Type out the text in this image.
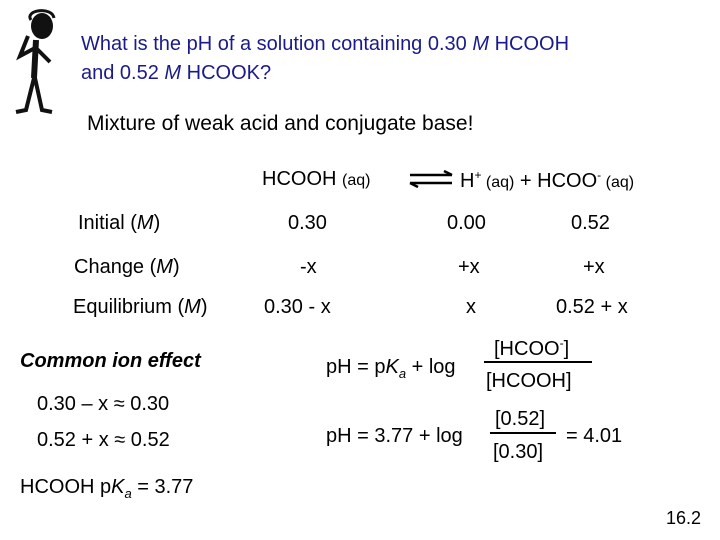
What is the pH of a solution containing 0.30 M HCOOH
and 0.52 M HCOOK?
Mixture of weak acid and conjugate base!
HCOOH (aq) ⇌ H+ (aq) + HCOO- (aq)
Initial (M)	0.30	0.00	0.52
Change (M)	-x	+x	+x
Equilibrium (M)	0.30 - x	x	0.52 + x
Common ion effect
0.30 – x ≈ 0.30
0.52 + x ≈ 0.52
HCOOH $pK_a = 3.77$
pH = $pK_a + \log$
[HCOO-]
[HCOOH]
pH = 3.77 + log
[0.52]
[0.30]
= 4.01
16.2
